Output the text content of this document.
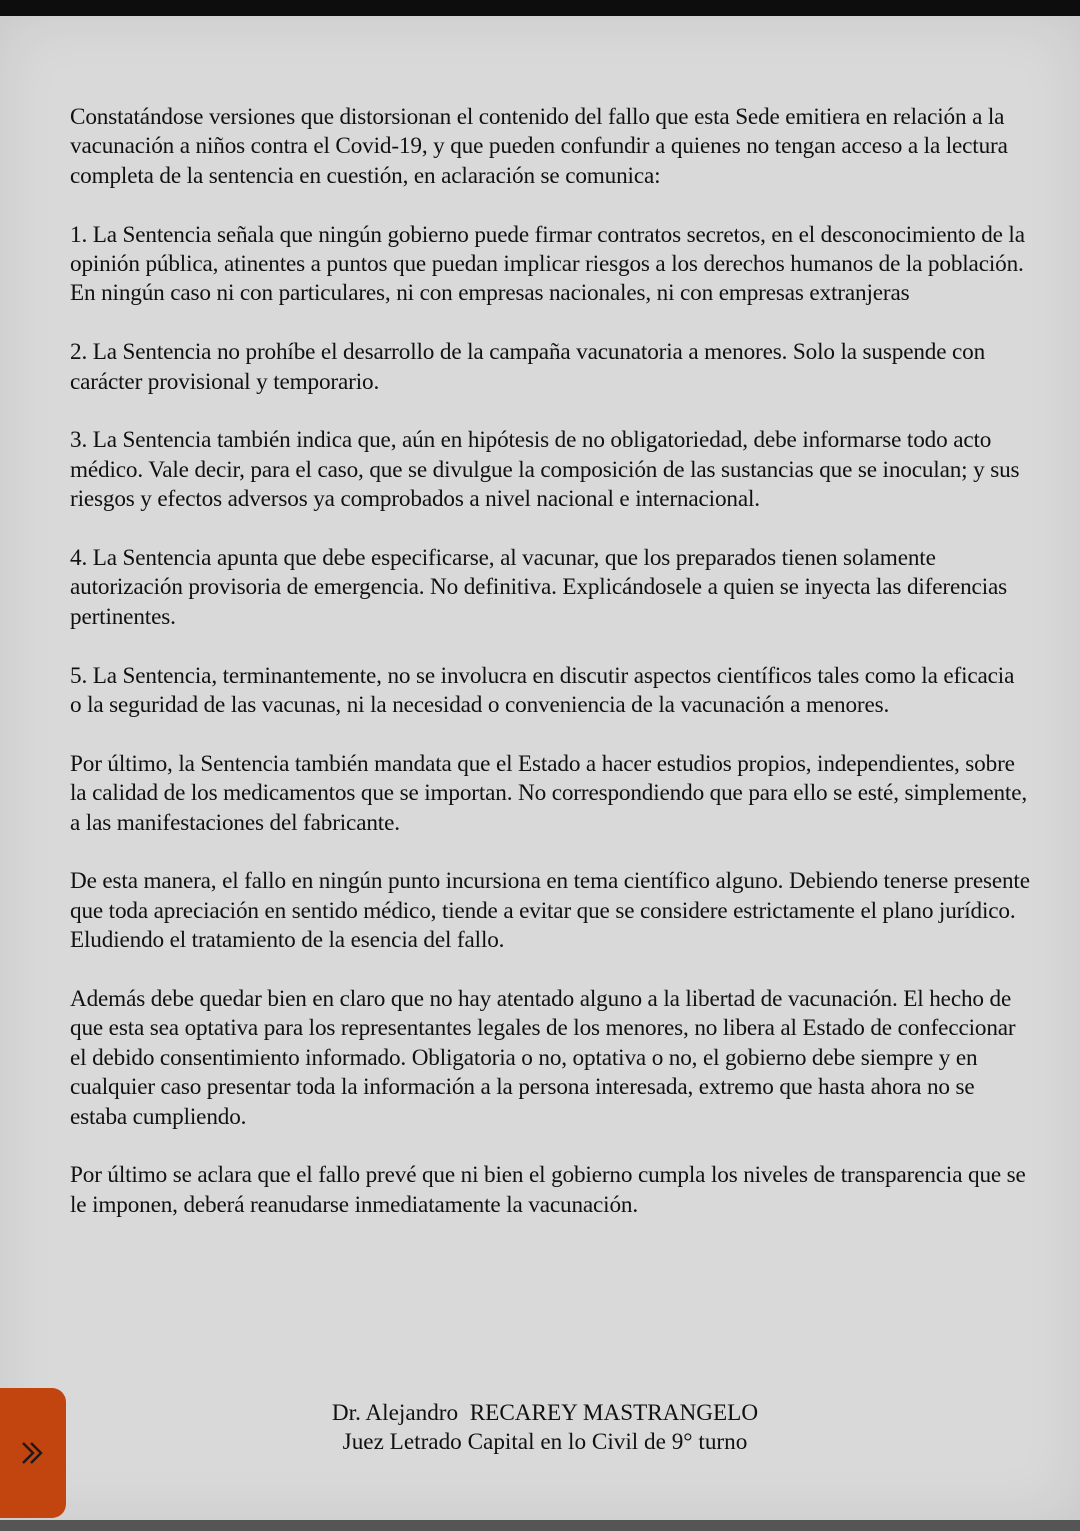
Constatándose versiones que distorsionan el contenido del fallo que esta Sede emitiera en relación a la vacunación a niños contra el Covid-19, y que pueden confundir a quienes no tengan acceso a la lectura completa de la sentencia en cuestión, en aclaración se comunica:

1. La Sentencia señala que ningún gobierno puede firmar contratos secretos, en el desconocimiento de la opinión pública, atinentes a puntos que puedan implicar riesgos a los derechos humanos de la población. En ningún caso ni con particulares, ni con empresas nacionales, ni con empresas extranjeras

2. La Sentencia no prohíbe el desarrollo de la campaña vacunatoria a menores. Solo la suspende con carácter provisional y temporario.

3. La Sentencia también indica que, aún en hipótesis de no obligatoriedad, debe informarse todo acto médico. Vale decir, para el caso, que se divulgue la composición de las sustancias que se inoculan; y sus riesgos y efectos adversos ya comprobados a nivel nacional e internacional.

4. La Sentencia apunta que debe especificarse, al vacunar, que los preparados tienen solamente autorización provisoria de emergencia. No definitiva. Explicándosele a quien se inyecta las diferencias pertinentes.

5. La Sentencia, terminantemente, no se involucra en discutir aspectos científicos tales como la eficacia o la seguridad de las vacunas, ni la necesidad o conveniencia de la vacunación a menores.

Por último, la Sentencia también mandata que el Estado a hacer estudios propios, independientes, sobre la calidad de los medicamentos que se importan. No correspondiendo que para ello se esté, simplemente, a las manifestaciones del fabricante.

De esta manera, el fallo en ningún punto incursiona en tema científico alguno. Debiendo tenerse presente que toda apreciación en sentido médico, tiende a evitar que se considere estrictamente el plano jurídico. Eludiendo el tratamiento de la esencia del fallo.

Además debe quedar bien en claro que no hay atentado alguno a la libertad de vacunación. El hecho de que esta sea optativa para los representantes legales de los menores, no libera al Estado de confeccionar el debido consentimiento informado. Obligatoria o no, optativa o no, el gobierno debe siempre y en cualquier caso presentar toda la información a la persona interesada, extremo que hasta ahora no se estaba cumpliendo.

Por último se aclara que el fallo prevé que ni bien el gobierno cumpla los niveles de transparencia que se le imponen, deberá reanudarse inmediatamente la vacunación.

Dr. Alejandro  RECAREY MASTRANGELO
Juez Letrado Capital en lo Civil de 9° turno
